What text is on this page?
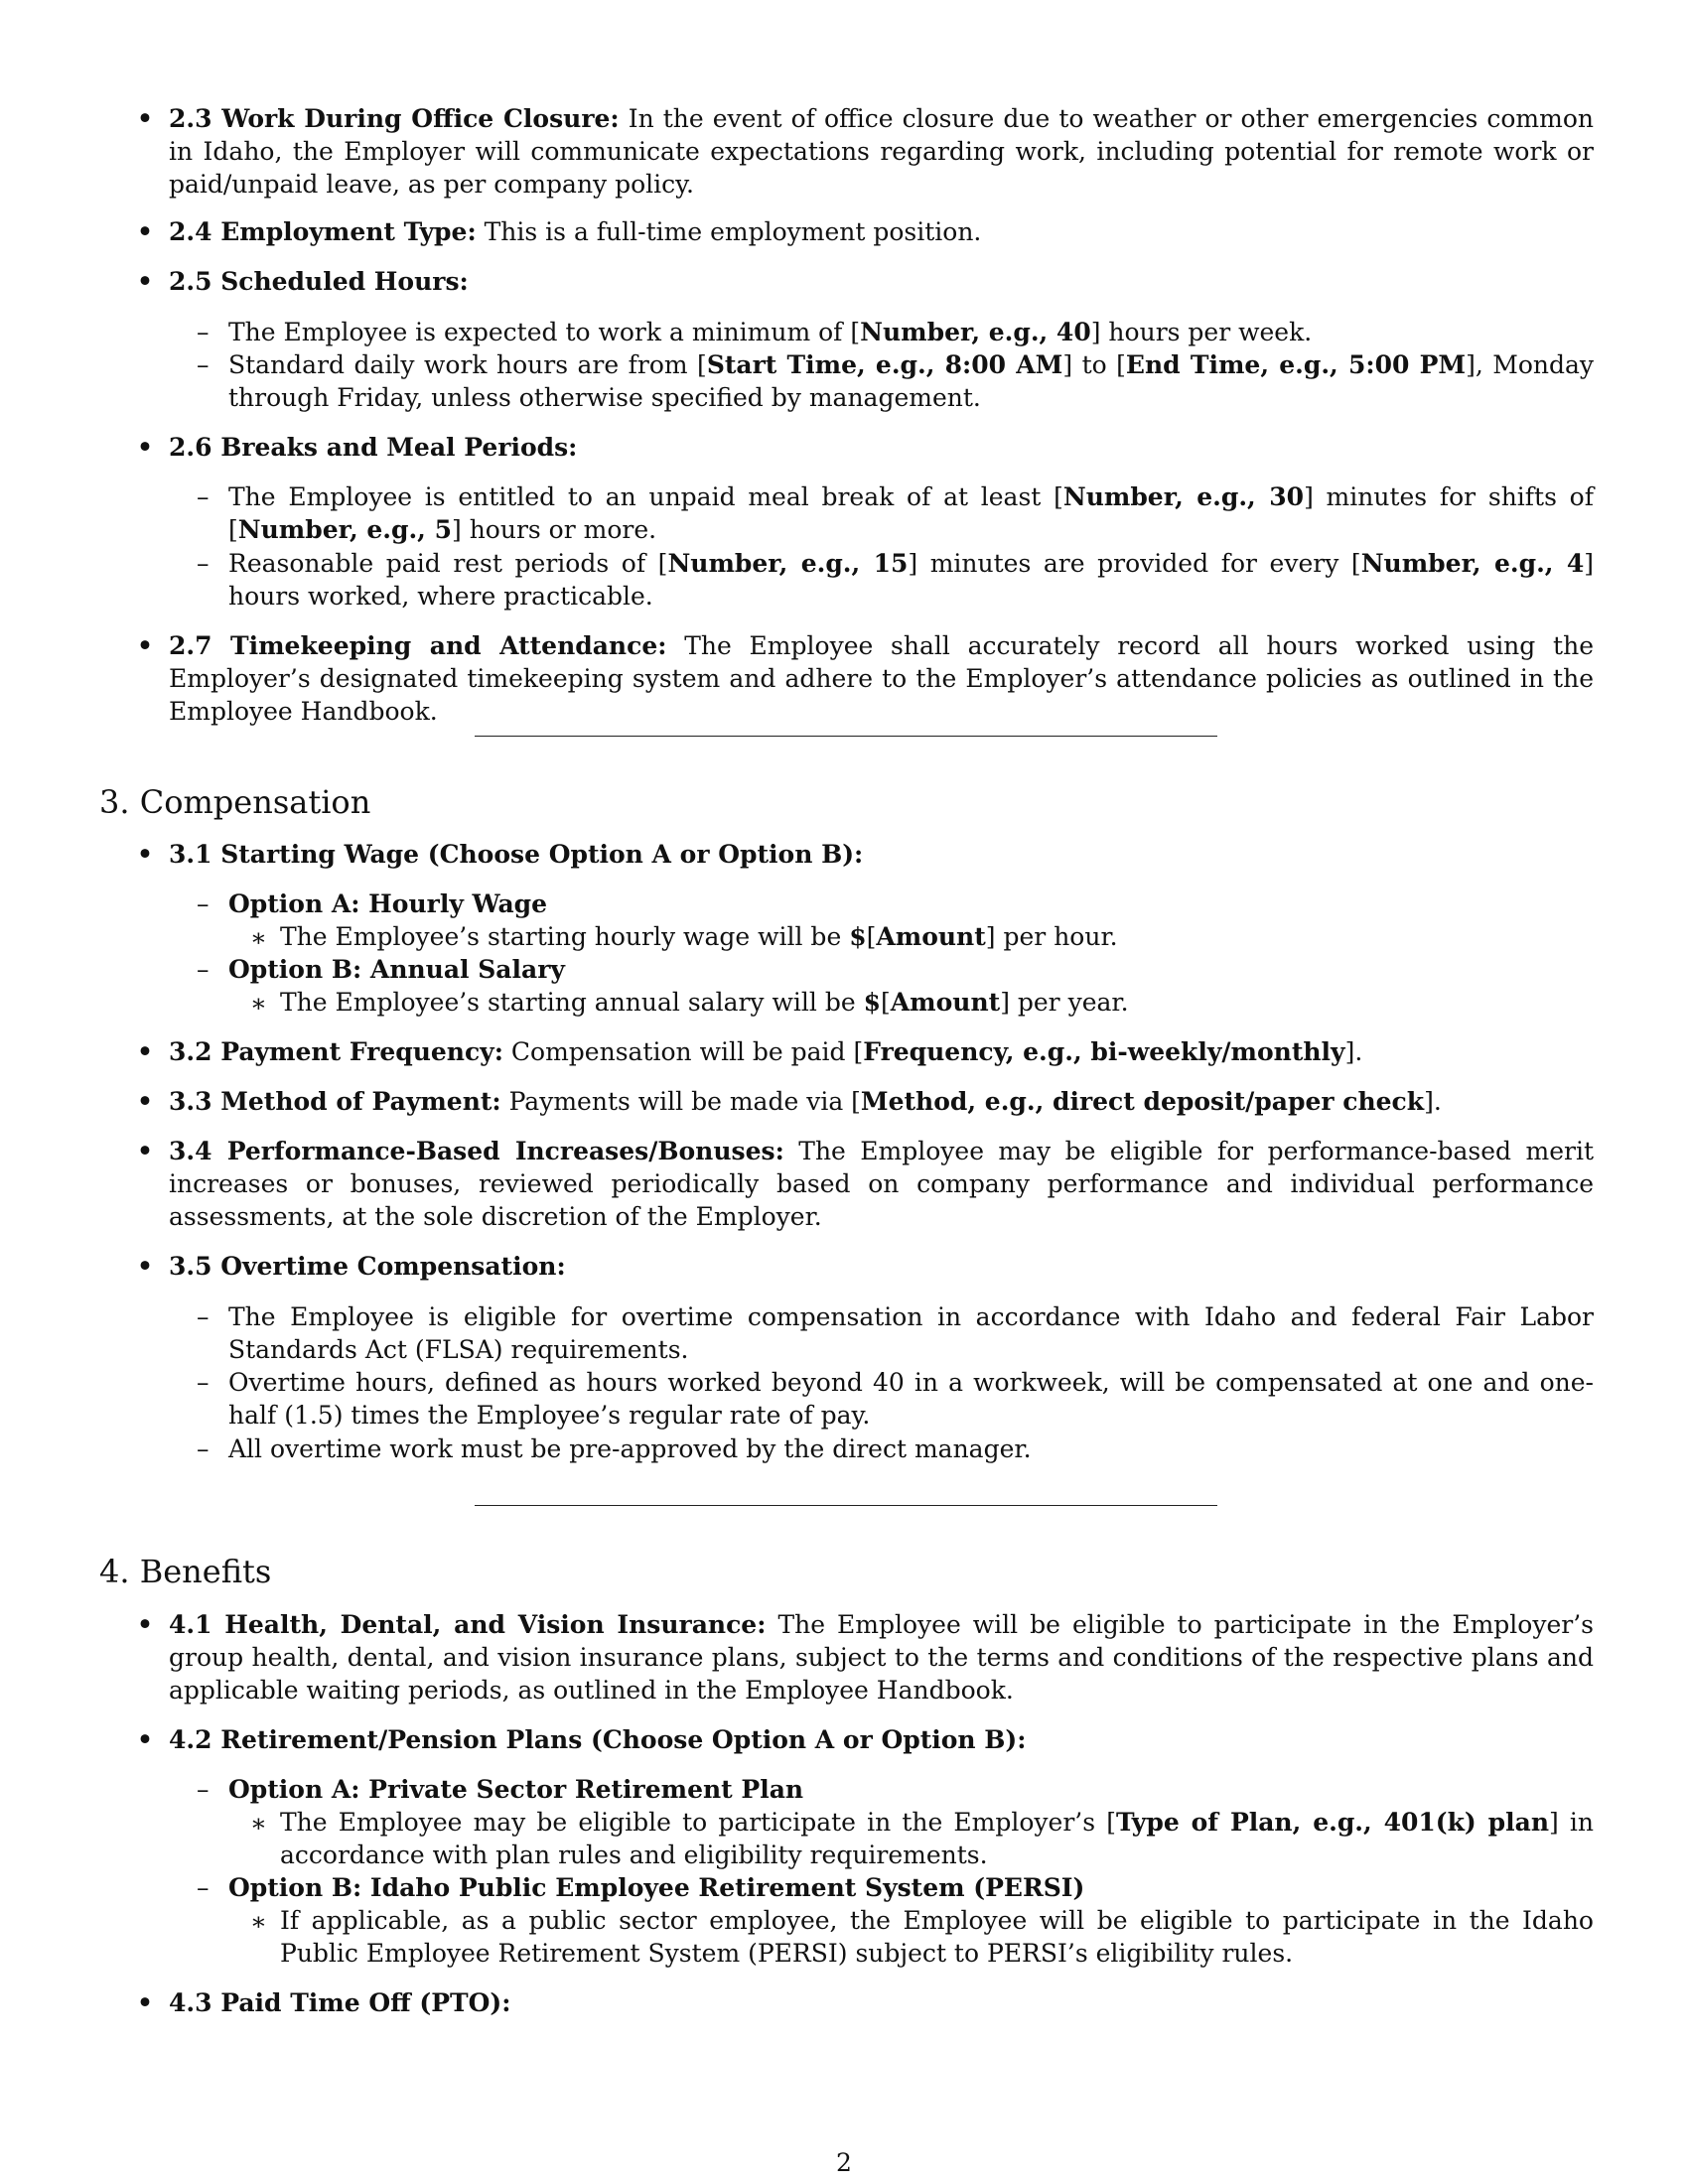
• 2.3 Work During Office Closure: In the event of office closure due to weather or other emergencies common in Idaho, the Employer will communicate expectations regarding work, including potential for remote work or paid/unpaid leave, as per company policy.
• 2.4 Employment Type: This is a full-time employment position.
• 2.5 Scheduled Hours:
– The Employee is expected to work a minimum of [Number, e.g., 40] hours per week.
– Standard daily work hours are from [Start Time, e.g., 8:00 AM] to [End Time, e.g., 5:00 PM], Monday through Friday, unless otherwise specified by management.
• 2.6 Breaks and Meal Periods:
– The Employee is entitled to an unpaid meal break of at least [Number, e.g., 30] minutes for shifts of [Number, e.g., 5] hours or more.
– Reasonable paid rest periods of [Number, e.g., 15] minutes are provided for every [Number, e.g., 4] hours worked, where practicable.
• 2.7 Timekeeping and Attendance: The Employee shall accurately record all hours worked using the Employer’s designated timekeeping system and adhere to the Employer’s attendance policies as outlined in the Employee Handbook.
3. Compensation
• 3.1 Starting Wage (Choose Option A or Option B):
– Option A: Hourly Wage
∗ The Employee’s starting hourly wage will be $[Amount] per hour.
– Option B: Annual Salary
∗ The Employee’s starting annual salary will be $[Amount] per year.
• 3.2 Payment Frequency: Compensation will be paid [Frequency, e.g., bi-weekly/monthly].
• 3.3 Method of Payment: Payments will be made via [Method, e.g., direct deposit/paper check].
• 3.4 Performance-Based Increases/Bonuses: The Employee may be eligible for performance-based merit increases or bonuses, reviewed periodically based on company performance and individual performance assessments, at the sole discretion of the Employer.
• 3.5 Overtime Compensation:
– The Employee is eligible for overtime compensation in accordance with Idaho and federal Fair Labor Standards Act (FLSA) requirements.
– Overtime hours, defined as hours worked beyond 40 in a workweek, will be compensated at one and one-half (1.5) times the Employee’s regular rate of pay.
– All overtime work must be pre-approved by the direct manager.
4. Benefits
• 4.1 Health, Dental, and Vision Insurance: The Employee will be eligible to participate in the Employer’s group health, dental, and vision insurance plans, subject to the terms and conditions of the respective plans and applicable waiting periods, as outlined in the Employee Handbook.
• 4.2 Retirement/Pension Plans (Choose Option A or Option B):
– Option A: Private Sector Retirement Plan
∗ The Employee may be eligible to participate in the Employer’s [Type of Plan, e.g., 401(k) plan] in accordance with plan rules and eligibility requirements.
– Option B: Idaho Public Employee Retirement System (PERSI)
∗ If applicable, as a public sector employee, the Employee will be eligible to participate in the Idaho Public Employee Retirement System (PERSI) subject to PERSI’s eligibility rules.
• 4.3 Paid Time Off (PTO):
2
